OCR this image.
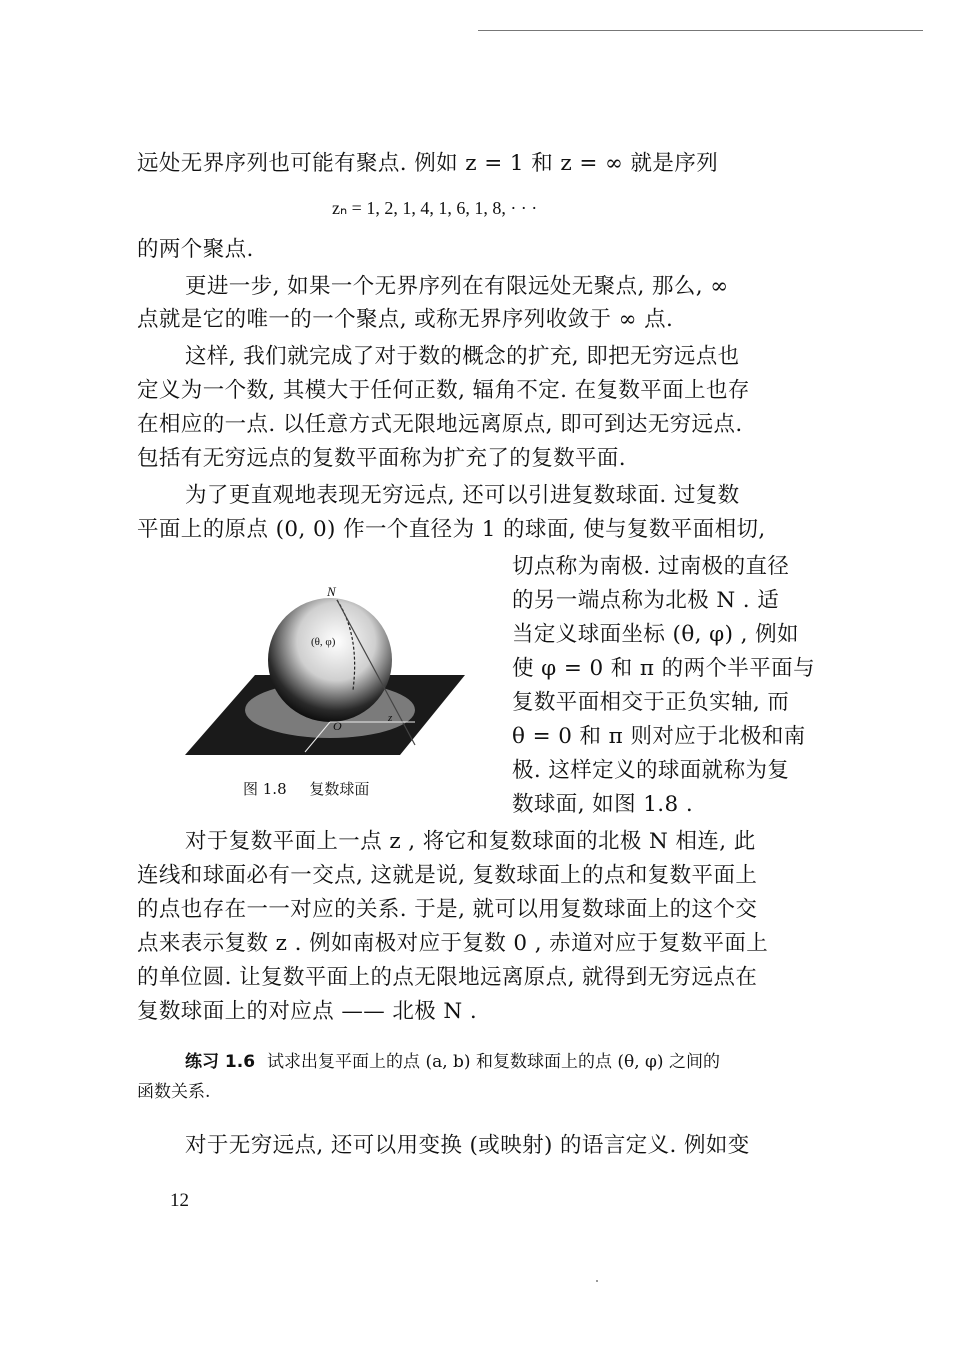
远处无界序列也可能有聚点. 例如 z = 1 和 z = ∞ 就是序列
zₙ = 1, 2, 1, 4, 1, 6, 1, 8, · · ·
的两个聚点.
更进一步, 如果一个无界序列在有限远处无聚点, 那么, ∞
点就是它的唯一的一个聚点, 或称无界序列收敛于 ∞ 点.
这样, 我们就完成了对于数的概念的扩充, 即把无穷远点也
定义为一个数, 其模大于任何正数, 辐角不定. 在复数平面上也存
在相应的一点. 以任意方式无限地远离原点, 即可到达无穷远点.
包括有无穷远点的复数平面称为扩充了的复数平面.
为了更直观地表现无穷远点, 还可以引进复数球面. 过复数
平面上的原点 (0, 0) 作一个直径为 1 的球面, 使与复数平面相切,
切点称为南极. 过南极的直径
的另一端点称为北极 N . 适
当定义球面坐标 (θ, φ) , 例如
使 φ = 0 和 π 的两个半平面与
复数平面相交于正负实轴, 而
θ = 0 和 π 则对应于北极和南
极. 这样定义的球面就称为复
数球面, 如图 1.8 .
N
(θ, φ)
O
z
图 1.8 复数球面
对于复数平面上一点 z , 将它和复数球面的北极 N 相连, 此
连线和球面必有一交点, 这就是说, 复数球面上的点和复数平面上
的点也存在一一对应的关系. 于是, 就可以用复数球面上的这个交
点来表示复数 z . 例如南极对应于复数 0 , 赤道对应于复数平面上
的单位圆. 让复数平面上的点无限地远离原点, 就得到无穷远点在
复数球面上的对应点 —— 北极 N .
练习 1.6 试求出复平面上的点 (a, b) 和复数球面上的点 (θ, φ) 之间的
函数关系.
对于无穷远点, 还可以用变换 (或映射) 的语言定义. 例如变
12
